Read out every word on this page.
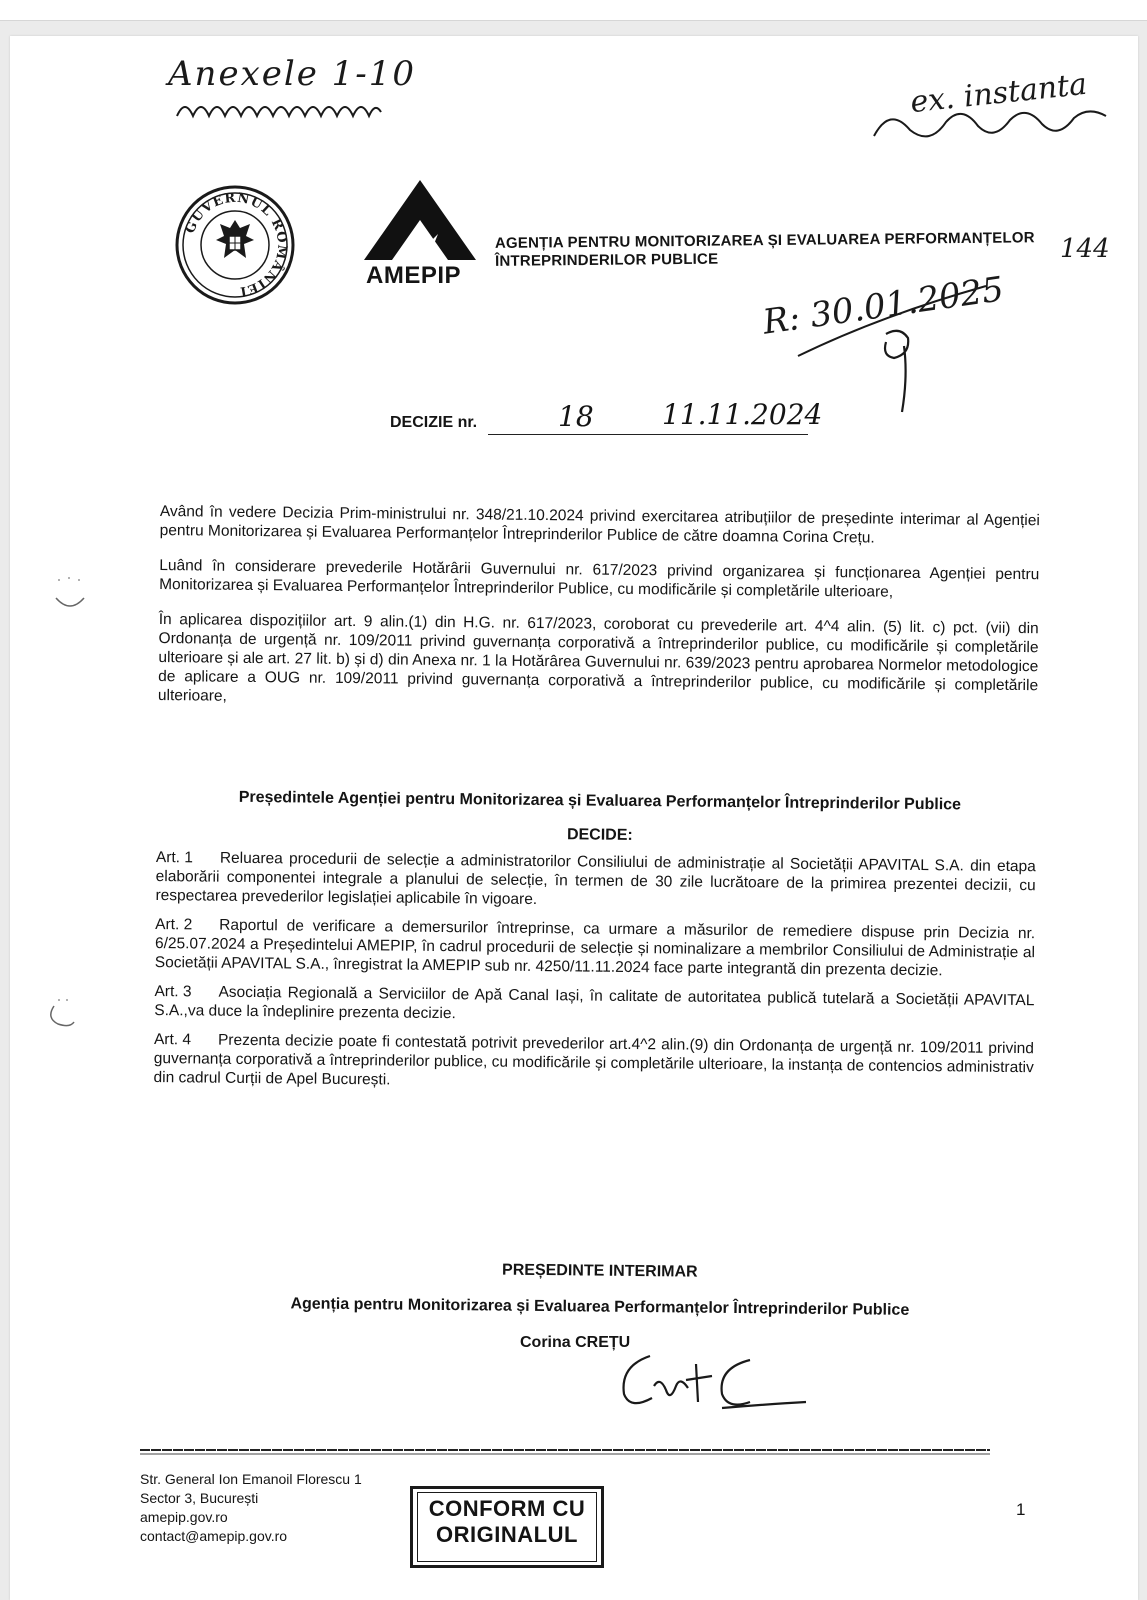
Anexele 1-10	ex. instanta
144
GUVERNUL ROMÂNIEI
AMEPIP
AGENȚIA PENTRU MONITORIZAREA ȘI EVALUAREA PERFORMANȚELOR
ÎNTREPRINDERILOR PUBLICE
R: 30.01.2025
DECIZIE nr.	18 11.11.2024

Având în vedere Decizia Prim-ministrului nr. 348/21.10.2024 privind exercitarea atribuțiilor de președinte interimar al Agenției pentru Monitorizarea și Evaluarea Performanțelor Întreprinderilor Publice de către doamna Corina Crețu.

Luând în considerare prevederile Hotărârii Guvernului nr. 617/2023 privind organizarea și funcționarea Agenției pentru Monitorizarea și Evaluarea Performanțelor Întreprinderilor Publice, cu modificările și completările ulterioare,

În aplicarea dispozițiilor art. 9 alin.(1) din H.G. nr. 617/2023, coroborat cu prevederile art. 4^4 alin. (5) lit. c) pct. (vii) din Ordonanța de urgență nr. 109/2011 privind guvernanța corporativă a întreprinderilor publice, cu modificările și completările ulterioare și ale art. 27 lit. b) și d) din Anexa nr. 1 la Hotărârea Guvernului nr. 639/2023 pentru aprobarea Normelor metodologice de aplicare a OUG nr. 109/2011 privind guvernanța corporativă a întreprinderilor publice, cu modificările și completările ulterioare,

Președintele Agenției pentru Monitorizarea și Evaluarea Performanțelor Întreprinderilor Publice
DECIDE:
Art. 1 Reluarea procedurii de selecție a administratorilor Consiliului de administrație al Societății APAVITAL S.A. din etapa elaborării componentei integrale a planului de selecție, în termen de 30 zile lucrătoare de la primirea prezentei decizii, cu respectarea prevederilor legislației aplicabile în vigoare.
Art. 2 Raportul de verificare a demersurilor întreprinse, ca urmare a măsurilor de remediere dispuse prin Decizia nr. 6/25.07.2024 a Președintelui AMEPIP, în cadrul procedurii de selecție și nominalizare a membrilor Consiliului de Administrație al Societății APAVITAL S.A., înregistrat la AMEPIP sub nr. 4250/11.11.2024 face parte integrantă din prezenta decizie.
Art. 3 Asociația Regională a Serviciilor de Apă Canal Iași, în calitate de autoritatea publică tutelară a Societății APAVITAL S.A.,va duce la îndeplinire prezenta decizie.
Art. 4 Prezenta decizie poate fi contestată potrivit prevederilor art.4^2 alin.(9) din Ordonanța de urgență nr. 109/2011 privind guvernanța corporativă a întreprinderilor publice, cu modificările și completările ulterioare, la instanța de contencios administrativ din cadrul Curții de Apel București.
PREȘEDINTE INTERIMAR
Agenția pentru Monitorizarea și Evaluarea Performanțelor Întreprinderilor Publice
Corina CREȚU
Str. General Ion Emanoil Florescu 1
Sector 3, București
amepip.gov.ro
contact@amepip.gov.ro
CONFORM CU
ORIGINALUL
1
